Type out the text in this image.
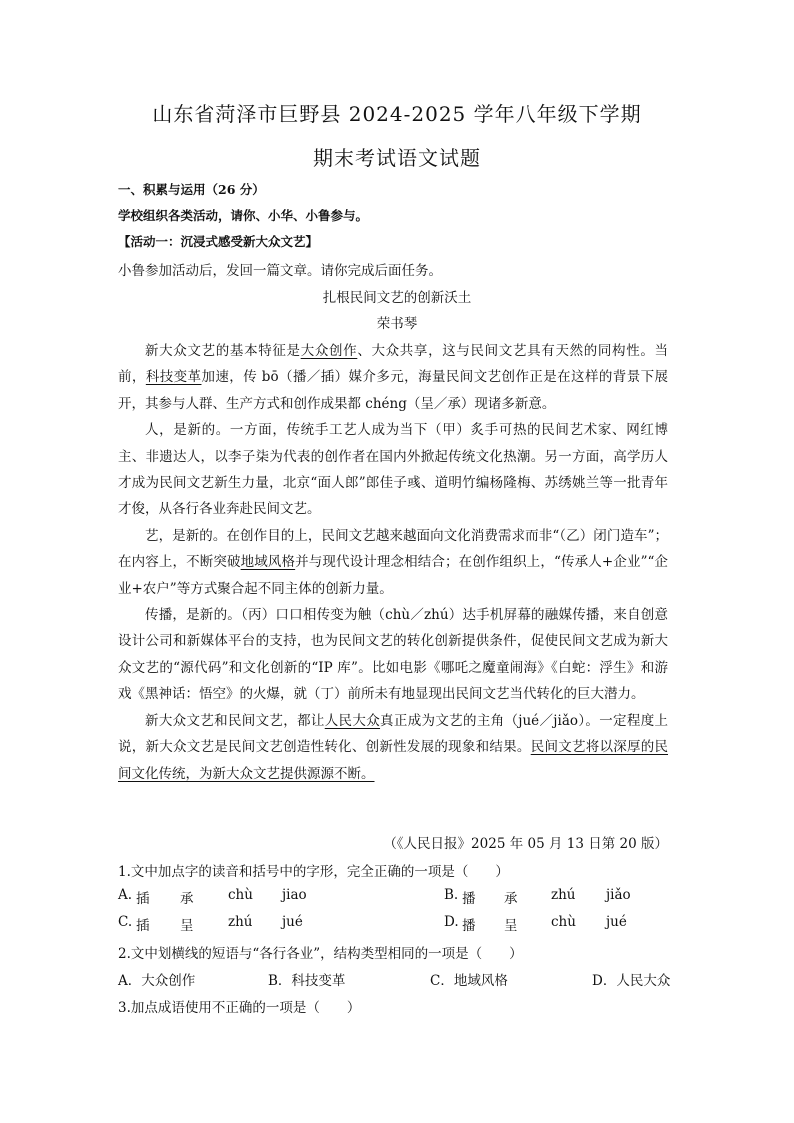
山东省菏泽市巨野县 2024-2025 学年八年级下学期
期末考试语文试题
一、积累与运用（26 分）
学校组织各类活动，请你、小华、小鲁参与。
【活动一：沉浸式感受新大众文艺】
小鲁参加活动后，发回一篇文章。请你完成后面任务。
扎根民间文艺的创新沃土
荣书琴

新大众文艺的基本特征是大众创作、大众共享，这与民间文艺具有天然的同构性。当前，科技变革加速，传 bō（播／插）媒介多元，海量民间文艺创作正是在这样的背景下展开，其参与人群、生产方式和创作成果都 chéng（呈／承）现诸多新意。

人，是新的。一方面，传统手工艺人成为当下（甲）炙手可热的民间艺术家、网红博主、非遗达人，以李子柒为代表的创作者在国内外掀起传统文化热潮。另一方面，高学历人才成为民间文艺新生力量，北京“面人郎”郎佳子彧、道明竹编杨隆梅、苏绣姚兰等一批青年才俊，从各行各业奔赴民间文艺。

艺，是新的。在创作目的上，民间文艺越来越面向文化消费需求而非“（乙）闭门造车”；在内容上，不断突破地域风格并与现代设计理念相结合；在创作组织上，“传承人+企业”“企业+农户”等方式聚合起不同主体的创新力量。

传播，是新的。（丙）口口相传变为触（chù／zhú）达手机屏幕的融媒传播，来自创意设计公司和新媒体平台的支持，也为民间文艺的转化创新提供条件，促使民间文艺成为新大众文艺的“源代码”和文化创新的“IP 库”。比如电影《哪吒之魔童闹海》《白蛇：浮生》和游戏《黑神话：悟空》的火爆，就（丁）前所未有地显现出民间文艺当代转化的巨大潜力。

新大众文艺和民间文艺，都让人民大众真正成为文艺的主角（jué／jiǎo）。一定程度上说，新大众文艺是民间文艺创造性转化、创新性发展的现象和结果。民间文艺将以深厚的民间文化传统，为新大众文艺提供源源不断。

（《人民日报》2025 年 05 月 13 日第 20 版）
1.文中加点字的读音和括号中的字形，完全正确的一项是（　　）
A. 插 承	chù jiao	B. 播 承 zhú jiǎo
C. 插 呈	zhú jué	D. 播 呈 chù jué
2.文中划横线的短语与“各行各业”，结构类型相同的一项是（　　）
A．大众创作	B．科技变革	C．地域风格	D．人民大众
3.加点成语使用不正确的一项是（　　）
